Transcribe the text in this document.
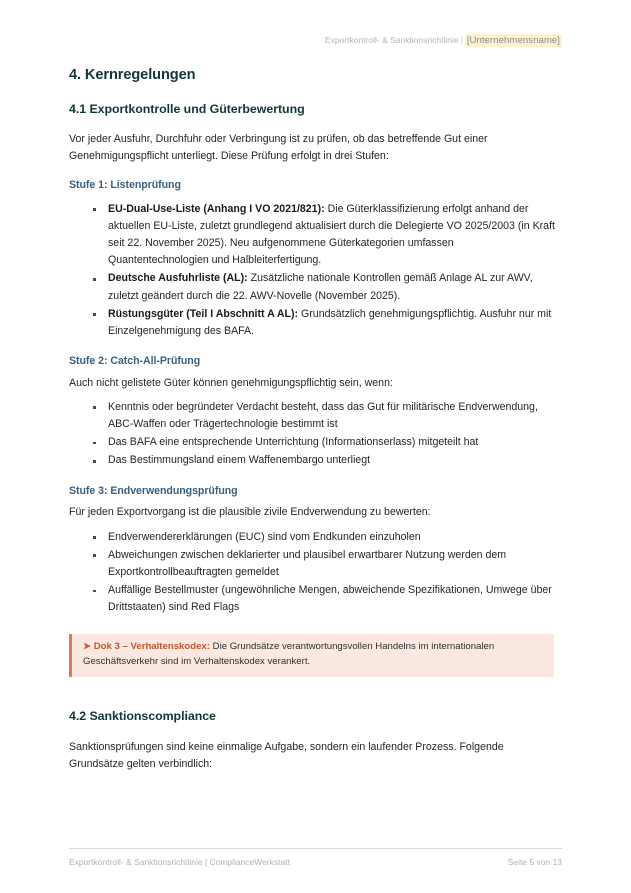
Exportkontroll- & Sanktionsrichtlinie | [Unternehmensname]
4. Kernregelungen
4.1 Exportkontrolle und Güterbewertung

Vor jeder Ausfuhr, Durchfuhr oder Verbringung ist zu prüfen, ob das betreffende Gut einer Genehmigungspflicht unterliegt. Diese Prüfung erfolgt in drei Stufen:

Stufe 1: Listenprüfung
EU-Dual-Use-Liste (Anhang I VO 2021/821): Die Güterklassifizierung erfolgt anhand der aktuellen EU-Liste, zuletzt grundlegend aktualisiert durch die Delegierte VO 2025/2003 (in Kraft seit 22. November 2025). Neu aufgenommene Güterkategorien umfassen Quantentechnologien und Halbleiterfertigung.
Deutsche Ausfuhrliste (AL): Zusätzliche nationale Kontrollen gemäß Anlage AL zur AWV, zuletzt geändert durch die 22. AWV-Novelle (November 2025).
Rüstungsgüter (Teil I Abschnitt A AL): Grundsätzlich genehmigungspflichtig. Ausfuhr nur mit Einzelgenehmigung des BAFA.
Stufe 2: Catch-All-Prüfung

Auch nicht gelistete Güter können genehmigungspflichtig sein, wenn:

Kenntnis oder begründeter Verdacht besteht, dass das Gut für militärische Endverwendung, ABC-Waffen oder Trägertechnologie bestimmt ist
Das BAFA eine entsprechende Unterrichtung (Informationserlass) mitgeteilt hat
Das Bestimmungsland einem Waffenembargo unterliegt
Stufe 3: Endverwendungsprüfung

Für jeden Exportvorgang ist die plausible zivile Endverwendung zu bewerten:

Endverwendererklärungen (EUC) sind vom Endkunden einzuholen
Abweichungen zwischen deklarierter und plausibel erwartbarer Nutzung werden dem Exportkontrollbeauftragten gemeldet
Auffällige Bestellmuster (ungewöhnliche Mengen, abweichende Spezifikationen, Umwege über Drittstaaten) sind Red Flags

➤ Dok 3 – Verhaltenskodex: Die Grundsätze verantwortungsvollen Handelns im internationalen Geschäftsverkehr sind im Verhaltenskodex verankert.

4.2 Sanktionscompliance

Sanktionsprüfungen sind keine einmalige Aufgabe, sondern ein laufender Prozess. Folgende Grundsätze gelten verbindlich:

Exportkontroll- & Sanktionsrichtlinie | ComplianceWerkstatt	Seite 5 von 13
